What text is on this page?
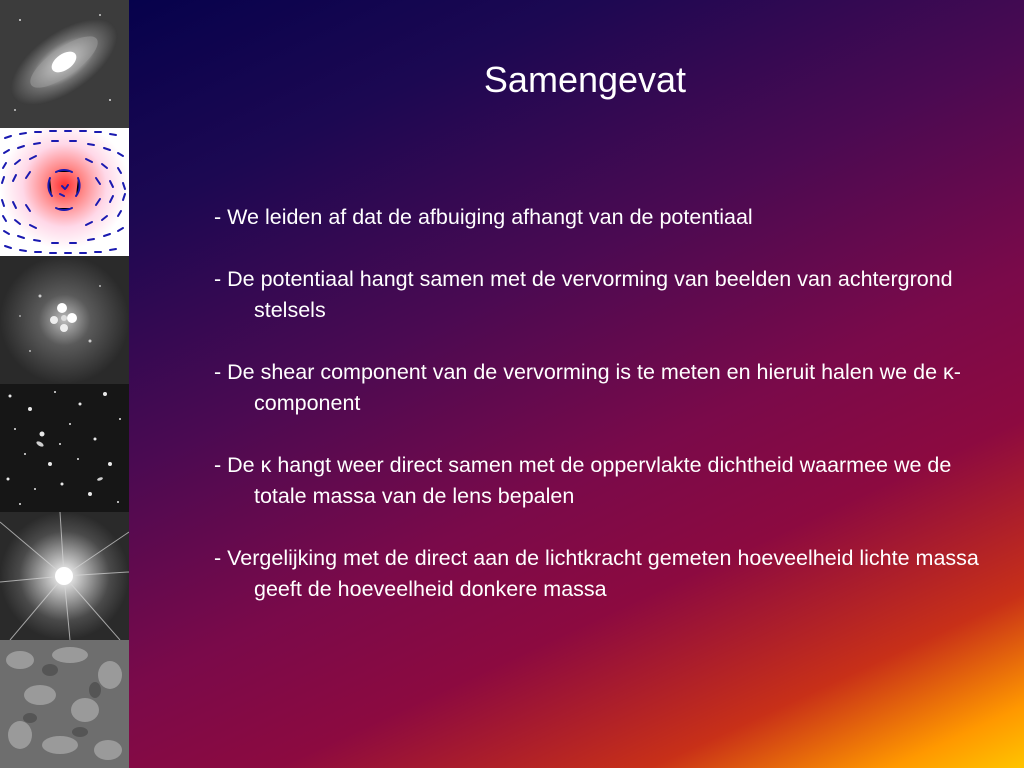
Samengevat
- We leiden af dat de afbuiging afhangt van de potentiaal
- De potentiaal hangt samen met de vervorming van beelden van achtergrond stelsels
- De shear component van de vervorming is te meten en hieruit halen we de κ-component
- De κ hangt weer direct samen met de oppervlakte dichtheid waarmee we de totale massa van de lens bepalen
- Vergelijking met de direct aan de lichtkracht gemeten hoeveelheid lichte massa geeft de hoeveelheid donkere massa
